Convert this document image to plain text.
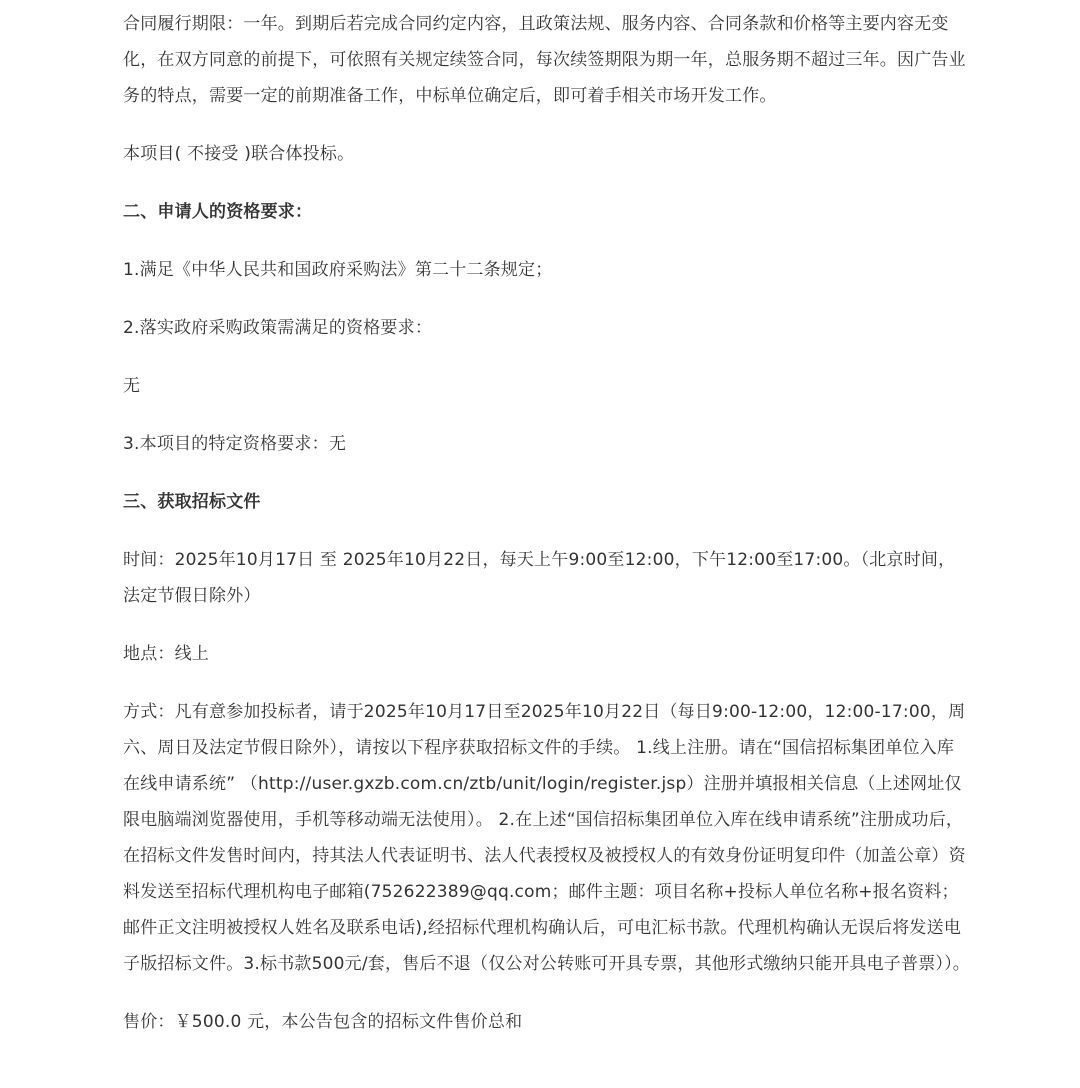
合同履行期限：一年。到期后若完成合同约定内容，且政策法规、服务内容、合同条款和价格等主要内容无变化，在双方同意的前提下，可依照有关规定续签合同，每次续签期限为期一年，总服务期不超过三年。因广告业务的特点，需要一定的前期准备工作，中标单位确定后，即可着手相关市场开发工作。

本项目( 不接受 )联合体投标。

二、申请人的资格要求：

1.满足《中华人民共和国政府采购法》第二十二条规定；

2.落实政府采购政策需满足的资格要求：

无

3.本项目的特定资格要求：无

三、获取招标文件

时间：2025年10月17日 至 2025年10月22日，每天上午9:00至12:00，下午12:00至17:00。（北京时间，法定节假日除外）

地点：线上

方式：凡有意参加投标者，请于2025年10月17日至2025年10月22日（每日9:00-12:00，12:00-17:00，周六、周日及法定节假日除外），请按以下程序获取招标文件的手续。 1.线上注册。请在“国信招标集团单位入库在线申请系统” （http://user.gxzb.com.cn/ztb/unit/login/register.jsp）注册并填报相关信息（上述网址仅限电脑端浏览器使用，手机等移动端无法使用）。 2.在上述“国信招标集团单位入库在线申请系统”注册成功后，在招标文件发售时间内，持其法人代表证明书、法人代表授权及被授权人的有效身份证明复印件（加盖公章）资料发送至招标代理机构电子邮箱(752622389@qq.com；邮件主题：项目名称+投标人单位名称+报名资料；邮件正文注明被授权人姓名及联系电话),经招标代理机构确认后，可电汇标书款。代理机构确认无误后将发送电子版招标文件。3.标书款500元/套，售后不退（仅公对公转账可开具专票，其他形式缴纳只能开具电子普票））。

售价：￥500.0 元，本公告包含的招标文件售价总和
